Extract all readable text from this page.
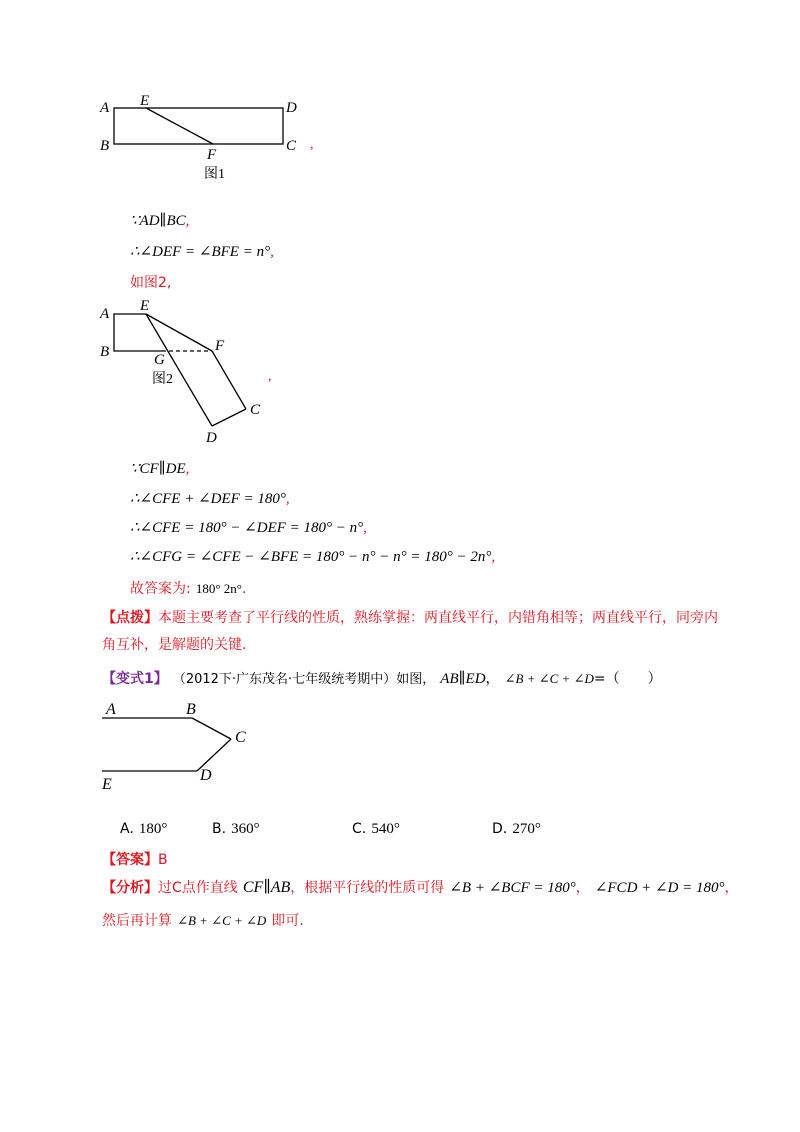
A E	D
B
F
C
图1
,
∵AD∥BC,
∴∠DEF = ∠BFE = n°,
如图2,
A E
B	G
F
C
D
图2	,
∵CF∥DE,
∴∠CFE + ∠DEF = 180°,
∴∠CFE = 180° − ∠DEF = 180° − n°,
∴∠CFG = ∠CFE − ∠BFE = 180° − n° − n° = 180° − 2n°,
故答案为: 180° 2n°.
【点拨】本题主要考查了平行线的性质，熟练掌握：两直线平行，内错角相等；两直线平行，同旁内角互补，是解题的关键.
【变式1】 （2012下·广东茂名·七年级统考期中）如图， AB∥ED， ∠B + ∠C + ∠D=（　　）
A	B
C
E
D
A. 180°	B. 360°	C. 540°	D. 270°
【答案】B
【分析】过C点作直线 CF∥AB，根据平行线的性质可得 ∠B + ∠BCF = 180°， ∠FCD + ∠D = 180°，
然后再计算 ∠B + ∠C + ∠D 即可.
